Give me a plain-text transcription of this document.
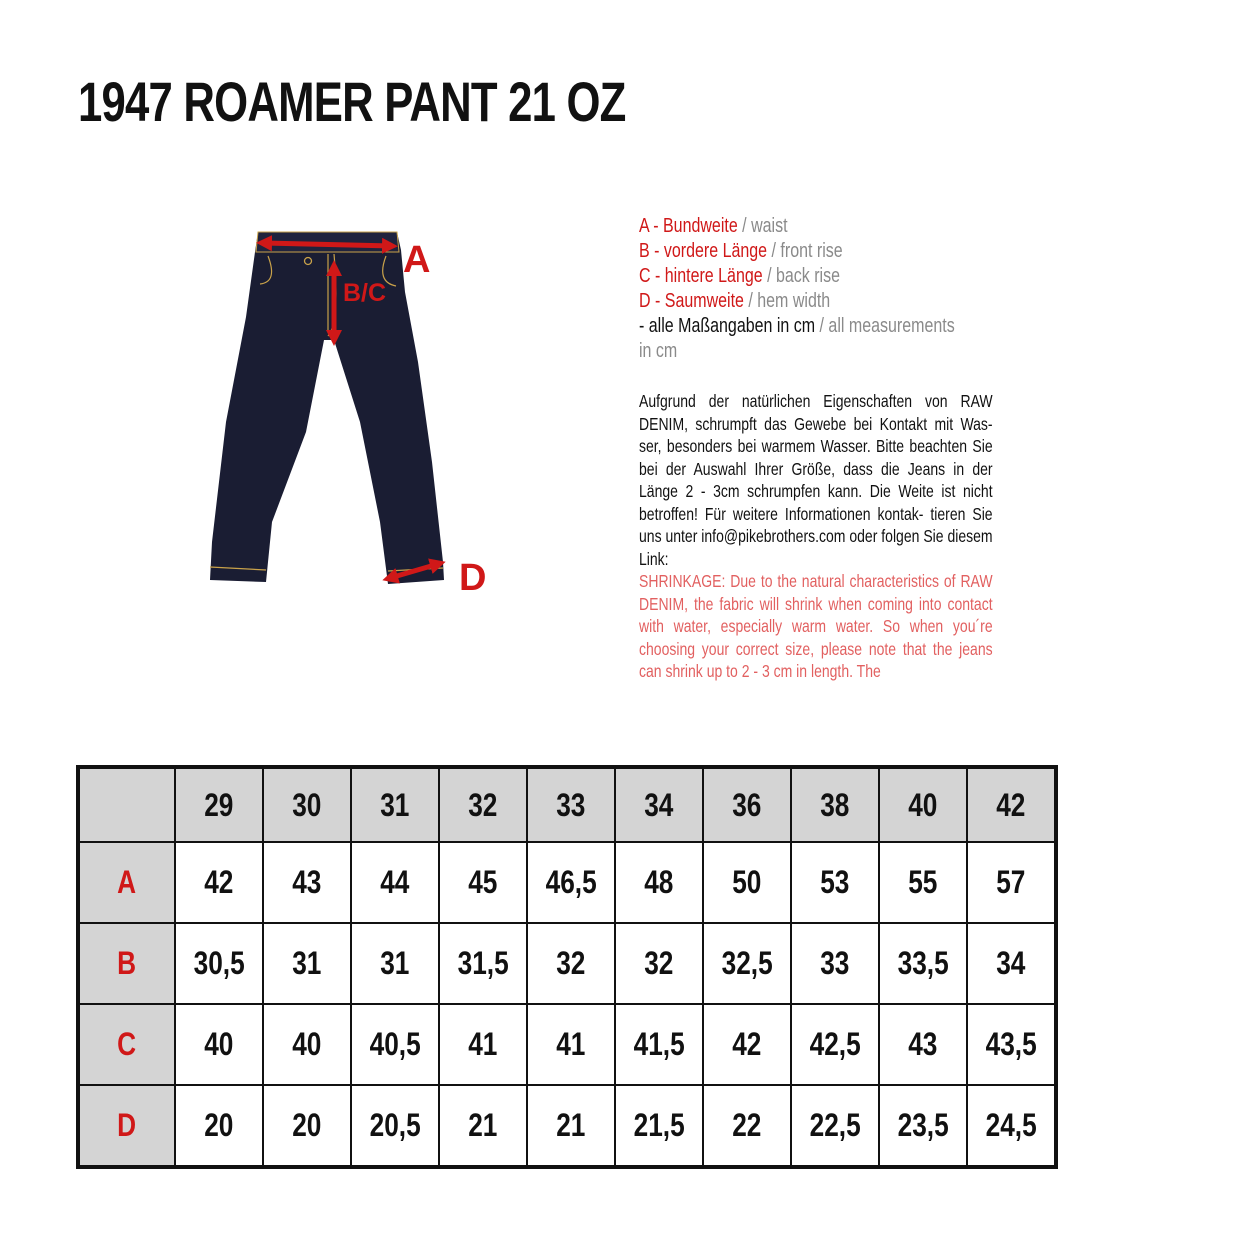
1947 ROAMER PANT 21 OZ
A
B/C
D
A - Bundweite / waist
B - vordere Länge / front rise
C - hintere Länge / back rise
D - Saumweite / hem width
- alle Maßangaben in cm / all measurements in cm

Aufgrund der natürlichen Eigenschaften von RAW DENIM, schrumpft das Gewebe bei Kontakt mit Was- ser, besonders bei warmem Wasser. Bitte beachten Sie bei der Auswahl Ihrer Größe, dass die Jeans in der Länge 2 - 3cm schrumpfen kann. Die Weite ist nicht betroffen! Für weitere Informationen kontak- tieren Sie uns unter info@pikebrothers.com oder folgen Sie diesem Link:

SHRINKAGE: Due to the natural characteristics of RAW DENIM, the fabric will shrink when coming into contact with water, especially warm water. So when you´re choosing your correct size, please note that the jeans can shrink up to 2 - 3 cm in length. The

	29	30	31	32	33	34	36	38	40	42
A	42	43	44	45	46,5	48	50	53	55	57
B	30,5	31	31	31,5	32	32	32,5	33	33,5	34
C	40	40	40,5	41	41	41,5	42	42,5	43	43,5
D	20	20	20,5	21	21	21,5	22	22,5	23,5	24,5
